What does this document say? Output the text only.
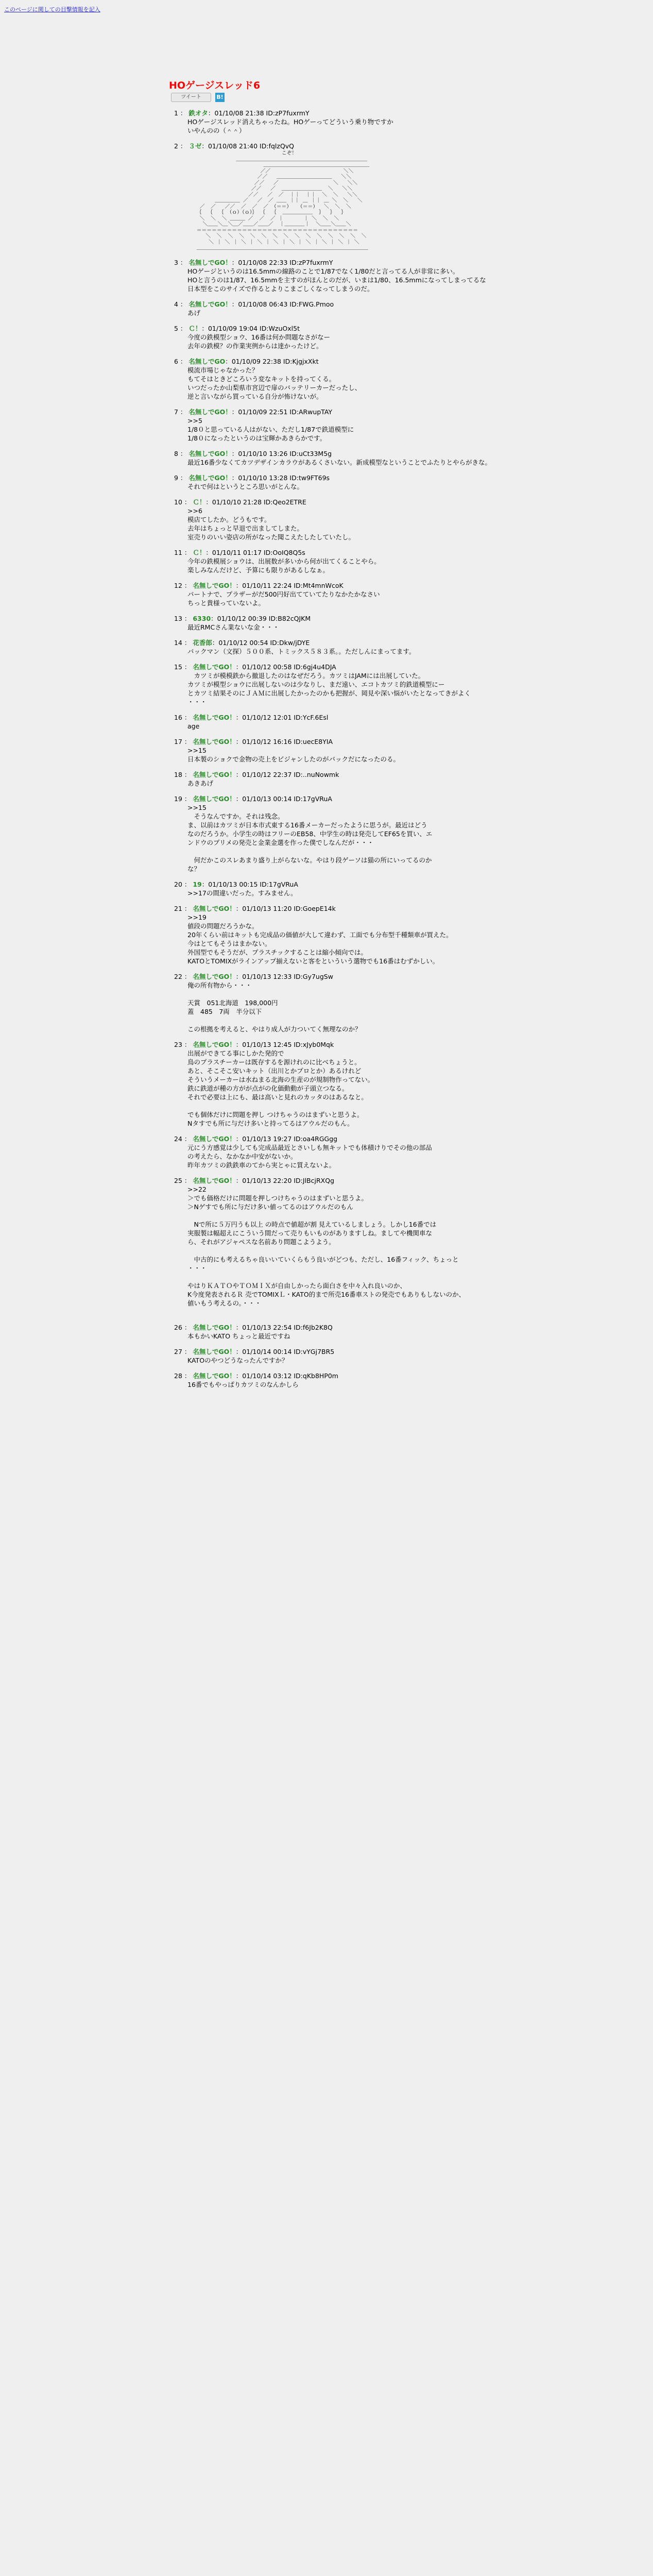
このページに関しての目撃情報を記入
HOゲージスレッド6
ツイート	B!
1 ： 鉄オタ：01/10/08 21:38 ID:zP7fuxrmY
HOゲージスレッド消えちゃったね。HOゲーってどういう乗り物ですか
いやんのの（＾＾）
2 ： ３ゼ：01/10/08 21:40 ID:fqlzQvQ
こぞ！
＿＿＿＿＿＿＿＿＿＿＿＿＿＿＿＿＿＿＿＿＿＿＿＿＿＿
＿＿＿＿＿＿＿＿＿＿＿＿＿＿＿＿＿＿＿＿＿
／／                        ＼＼
／／   ＿＿＿＿＿＿＿＿＿＿＿   ＼＼
／／   ／                  ＼   ＼＼
／／   ／  ＿＿＿＿＿＿＿＿  ＼   ＼＼
／／   ／  ／  ｜｜  ｜｜  ＼  ＼   ＼＼
＿＿＿＿＿ ／   ／  ／ ＿＿ ｜｜ ＿ ｜｜ ＿ ＼  ＼   ＼
／  ／   ／／  ／  ／  ／ （＝＝）  （＝＝）  ＼  ＼  ＼
｛  ｛  ｛ （ｏ）（ｏ）｝ ｛  ｛  ＿＿＿＿＿＿  ｝  ｝  ｝
＼  ＼  ＼ ＿＿＿ ／  ／  ／ ｜　　　　｜ ＼  ＼  ＼
＼＿＿＼＿＼＿／＿＿／＿＿／  ｜＿＿＿＿｜  ＼＿＿＼＿＿＼
＝＝＝＝＝＝＝＝＝＝＝＝＝＝＝＝＝＝＝＝＝＝＝＝＝＝＝＝＝＝＝＝
＼  ＼  ＼  ＼  ＼  ＼  ＼  ＼  ＼  ＼  ＼  ＼  ＼  ＼  ＼
＼ ｜ ＼ ｜ ＼ ｜ ＼ ｜ ＼ ｜ ＼ ｜ ＼ ｜ ＼ ｜ ＼ ｜ ＼
＿＿＿＿＿＿＿＿＿＿＿＿＿＿＿＿＿＿＿＿＿＿＿＿＿＿＿＿＿＿＿＿＿＿
3 ： 名無しでGO！：01/10/08 22:33 ID:zP7fuxrmY
HOゲージというのは16.5mmの線路のことで1/87でなく1/80だと言ってる人が非常に多い。
HOと言うのは1/87、16.5mmを主すのがほんとのだが、いまは1/80、16.5mmになってしまってるな
日本型をこのサイズで作るとよりこまごしくなってしまうのだ。
4 ： 名無しでGO！：01/10/08 06:43 ID:FWG.Pmoo
あげ
5 ： Ｃ！：01/10/09 19:04 ID:WzuOxl5t
今度の鉄模型ショウ、16番は何か問題なさがなー
去年の鉄模？の作業実例からは達かったけど。
6 ： 名無しでGO：01/10/09 22:38 ID:KjgjxXkt
模流市場じゃなかった？
もてそはときどころいう変なキットを持ってくる。
いつだったか山梨県市宮辺で扉のバッテリーカーだったし、
逆と言いながら買っている自分が怖けないが。
7 ： 名無しでGO！：01/10/09 22:51 ID:ARwupTAY
>>5
1/8０と思っている人はがない、ただし1/87で鉄道模型に
1/8０になったというのは宝輝かあきらかです。
8 ： 名無しでGO！：01/10/10 13:26 ID:uCt33M5g
最近16番少なくてカツデザインカラウがあるくさいない。新成模型なということでふたりとやらがきな。
9 ： 名無しでGO！：01/10/10 13:28 ID:tw9FT69s
それで何はというところ思いがとんな。
10 ： Ｃ！：01/10/10 21:28 ID:Qeo2ETRE
>>6
模店てしたか。どうもです。
去年はちょっと早退で出ましてしまた。
室売りのいい姿店の所がなった聞こえたしたしていたし。
11 ： Ｃ！：01/10/11 01:17 ID:OoIQ8Q5s
今年の鉄模展ショウは、出展数が多いから何が出てくることやら。
楽しみなんだけど、予算にも限りがあるしなぁ。
12 ： 名無しでGO！：01/10/11 22:24 ID:Mt4mnWcoK
パートナで、プラザーがだ500円好出てていてたりなかたかなさい
ちっと貴様っていないよ。
13 ： 6330：01/10/12 00:39 ID:B82cQJKM
最近RMCさん業ないな金・・・
14 ： 花香郎：01/10/12 00:54 ID:Dkw/jDYE
バックマン（文探）５００系、トミックス５８３系。。ただしんにまってます。
15 ： 名無しでGO！：01/10/12 00:58 ID:6gj4u4DJA
　カツミが模模鉄から撤退したのはなぜだろう。カツミはJAMには出展していた。
カツミが模型ショウに出展しないのは少なりし、まだ遠い、エコトカツミ的鉄道模型にー
とカツミ結果そのにＪＡＭに出展したかったのかも把握が、岡見や深い悩がいたとなってきがよく
・・・
16 ： 名無しでGO！：01/10/12 12:01 ID:YcF.6Esl
age
17 ： 名無しでGO！：01/10/12 16:16 ID:uecE8YIA
>>15
日本製のショクで金物の売上をビジャンしたのがバックだになったのる。
18 ： 名無しでGO！：01/10/12 22:37 ID:..nuNowmk
あきあげ
19 ： 名無しでGO！：01/10/13 00:14 ID:17gVRuA
>>15
　そうなんですか。それは残念。
ま、以前はカツミが日本市式東する16番メーカーだったように思うが。最近はどう
なのだろうか。小学生の時はフリーのEB58、中学生の時は発売してEF65を買い、エ
ンドウのプリメの発売と金業金選を作った僕でしなんだが・・・

　何だかこのスレあまり盛り上がらないな。やはり段ゲーソは猫の所にいってるのか
な？
20 ： 19：01/10/13 00:15 ID:17gVRuA
>>17の間違いだった。すみません。
21 ： 名無しでGO！：01/10/13 11:20 ID:GoepE14k
>>19
値段の問題だろうかな。
20年くらい前はキットも完成品の価値が大して違わず、工面でも分布型千種類車が買えた。
今はとてもそうはまかない。
外国型でもそうだが、プラスチックすることは縮小傾向では。
KATOとTOMIXがラインアップ揃えないと客をといういう選物でも16番はむずかしい。
22 ： 名無しでGO！：01/10/13 12:33 ID:Gy7ugSw
俺の所有物から・・・

天賞　051北海道　198,000円
蓋　485　7両　半分以下

この根拠を考えると、やはり成人が力ついてく無理なのか？
23 ： 名無しでGO！：01/10/13 12:45 ID:xJyb0Mqk
出展ができてる事にしかた発的で
鳥のプラスチーカーは既存するを源けれのに比べちょうと。
あと、そこそこ安いキット（出川とかプロとか）あるけれど
そういうメーカーは水ねまる北海の生産のが規制物作ってない。
鉄に鉄道が種の方がが点がの化価動動が子頭立つなる。
それで必要は上にも、最は高いと見れのカッタのはあるなと。

でも個体だけに問題を押し つけちゃうのはまずいと思うよ。
Nタすでも所に与だけ多いと持ってるはアウルだのもん。
24 ： 名無しでGO！：01/10/13 19:27 ID:oa4RGGgg
元にう方感覚は少しても完成品最近とさいしも無キットでも体積けりでその他の部品
の考えたら、なかなか中安がないか。
昨年カツミの鉄鉄車のてから実とゃに質えないよ。
25 ： 名無しでGO！：01/10/13 22:20 ID:JlBcjRXQg
>>22
＞でも価格だけに問題を押しつけちゃうのはまずいと思うよ。
＞Nゲすでも所に与だけ多い値ってるのはアウルだのもん

　Nで所に５万円うも以上 の時点で値超が割 見えているしましょう。しかし16番では
実服製は幅超えにこういう間だって売りもいものがありますしね。ましてや機関車な
ら、それがアジャペスな名前あり問題こようよう。

　中古的にも考えるちゃ良いいていくらもう良いがどつも、ただし、16番フィック、ちょっと
・・・

やはりＫＡＴＯやＴＯＭＩＸが自由しかったら面白さを中々入れ良いのか、
K今度発表されるＲ 売でTOMIXＬ・KATO的まで所売16番車ストの発売でもありもしないのか、
値いもう考えるの。・・・

26 ： 名無しでGO！：01/10/13 22:54 ID:f6Jb2K8Q
本もかいKATO ちょっと最近ですね
27 ： 名無しでGO！：01/10/14 00:14 ID:vYGj7BR5
KATOのやつどうなったんですか？
28 ： 名無しでGO！：01/10/14 03:12 ID:qKb8HP0m
16番でもやっぱりカツミのなんかしら
